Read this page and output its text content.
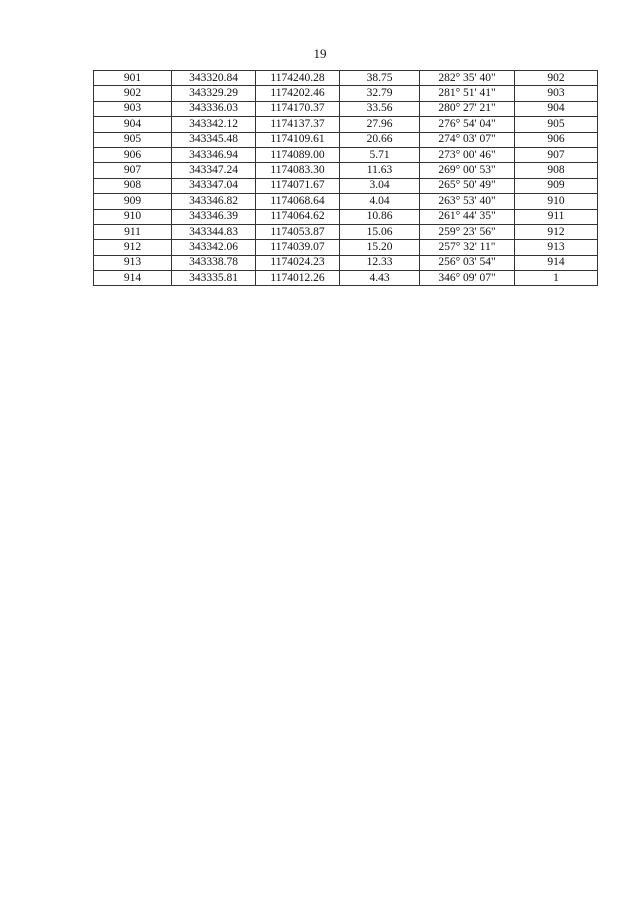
19
901	343320.84	1174240.28	38.75	282° 35' 40"	902
902	343329.29	1174202.46	32.79	281° 51' 41"	903
903	343336.03	1174170.37	33.56	280° 27' 21"	904
904	343342.12	1174137.37	27.96	276° 54' 04"	905
905	343345.48	1174109.61	20.66	274° 03' 07"	906
906	343346.94	1174089.00	5.71	273° 00' 46"	907
907	343347.24	1174083.30	11.63	269° 00' 53"	908
908	343347.04	1174071.67	3.04	265° 50' 49"	909
909	343346.82	1174068.64	4.04	263° 53' 40"	910
910	343346.39	1174064.62	10.86	261° 44' 35"	911
911	343344.83	1174053.87	15.06	259° 23' 56"	912
912	343342.06	1174039.07	15.20	257° 32' 11"	913
913	343338.78	1174024.23	12.33	256° 03' 54"	914
914	343335.81	1174012.26	4.43	346° 09' 07"	1
